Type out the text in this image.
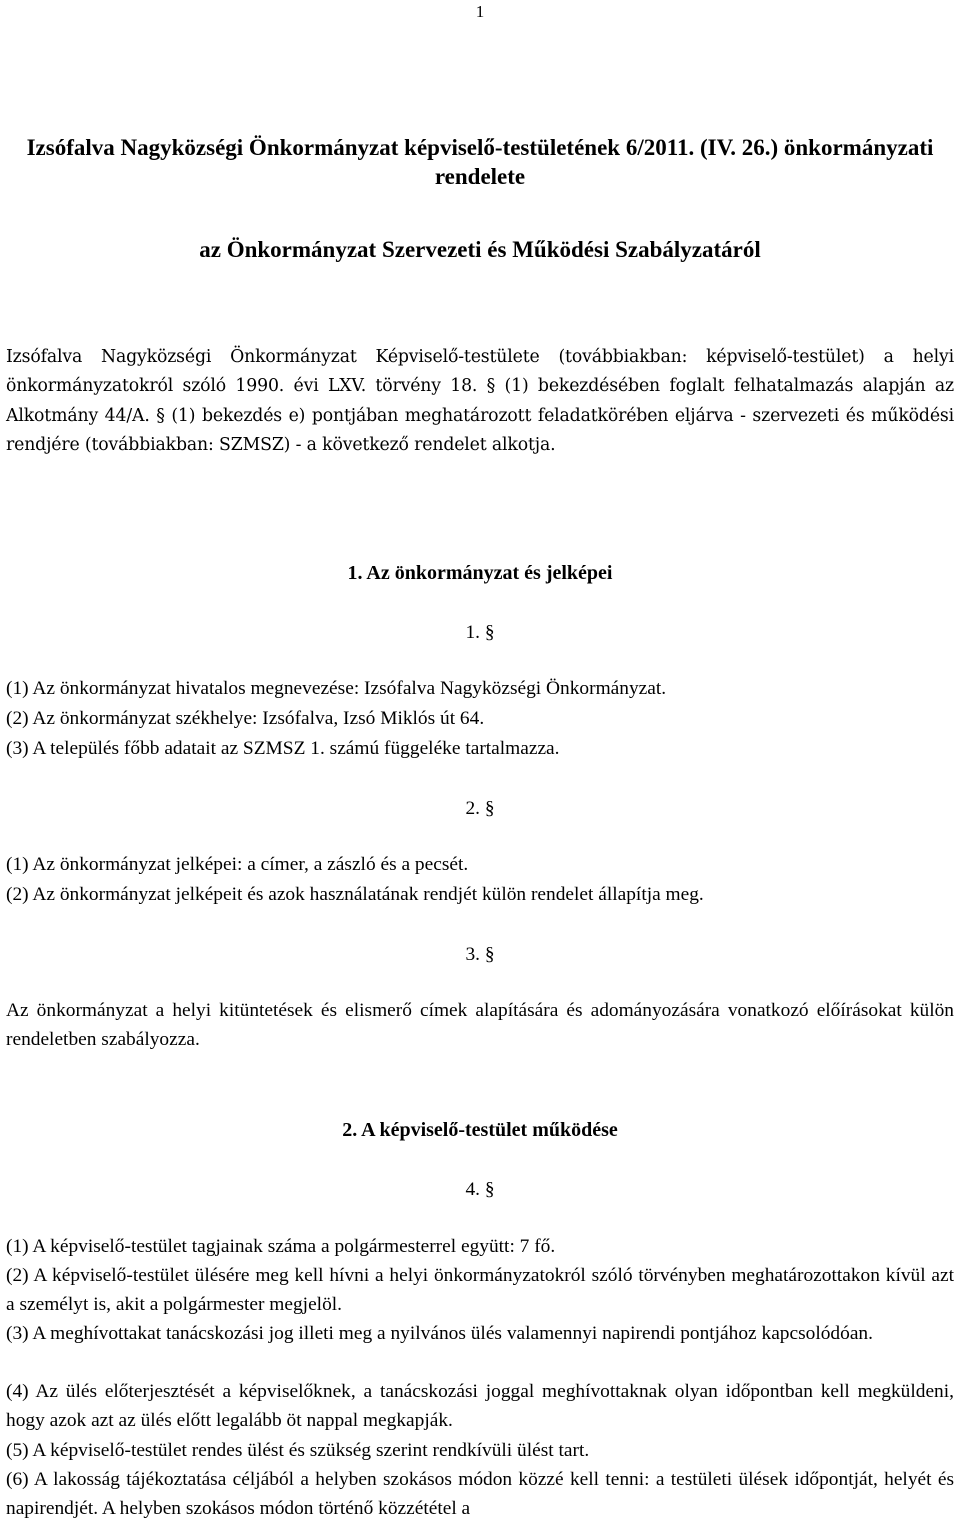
1
Izsófalva Nagyközségi Önkormányzat képviselő-testületének 6/2011. (IV. 26.) önkormányzati rendelete
az Önkormányzat Szervezeti és Működési Szabályzatáról
Izsófalva Nagyközségi Önkormányzat Képviselő-testülete (továbbiakban: képviselő-testület) a helyi önkormányzatokról szóló 1990. évi LXV. törvény 18. § (1) bekezdésében foglalt felhatalmazás alapján az Alkotmány 44/A. § (1) bekezdés e) pontjában meghatározott feladatkörében eljárva - szervezeti és működési rendjére (továbbiakban: SZMSZ) - a következő rendelet alkotja.
1. Az önkormányzat és jelképei
1. §
(1) Az önkormányzat hivatalos megnevezése: Izsófalva Nagyközségi Önkormányzat.
(2) Az önkormányzat székhelye: Izsófalva, Izsó Miklós út 64.
(3) A település főbb adatait az SZMSZ 1. számú függeléke tartalmazza.
2. §
(1) Az önkormányzat jelképei: a címer, a zászló és a pecsét.
(2) Az önkormányzat jelképeit és azok használatának rendjét külön rendelet állapítja meg.
3. §
Az önkormányzat a helyi kitüntetések és elismerő címek alapítására és adományozására vonatkozó előírásokat külön rendeletben szabályozza.
2. A képviselő-testület működése
4. §
(1) A képviselő-testület tagjainak száma a polgármesterrel együtt: 7 fő.
(2) A képviselő-testület ülésére meg kell hívni a helyi önkormányzatokról szóló törvényben meghatározottakon kívül azt a személyt is, akit a polgármester megjelöl.
(3) A meghívottakat tanácskozási jog illeti meg a nyilvános ülés valamennyi napirendi pontjához kapcsolódóan.
(4) Az ülés előterjesztését a képviselőknek, a tanácskozási joggal meghívottaknak olyan időpontban kell megküldeni, hogy azok azt az ülés előtt legalább öt nappal megkapják.
(5) A képviselő-testület rendes ülést és szükség szerint rendkívüli ülést tart.
(6) A lakosság tájékoztatása céljából a helyben szokásos módon közzé kell tenni: a testületi ülések időpontját, helyét és napirendjét. A helyben szokásos módon történő közzététel a
